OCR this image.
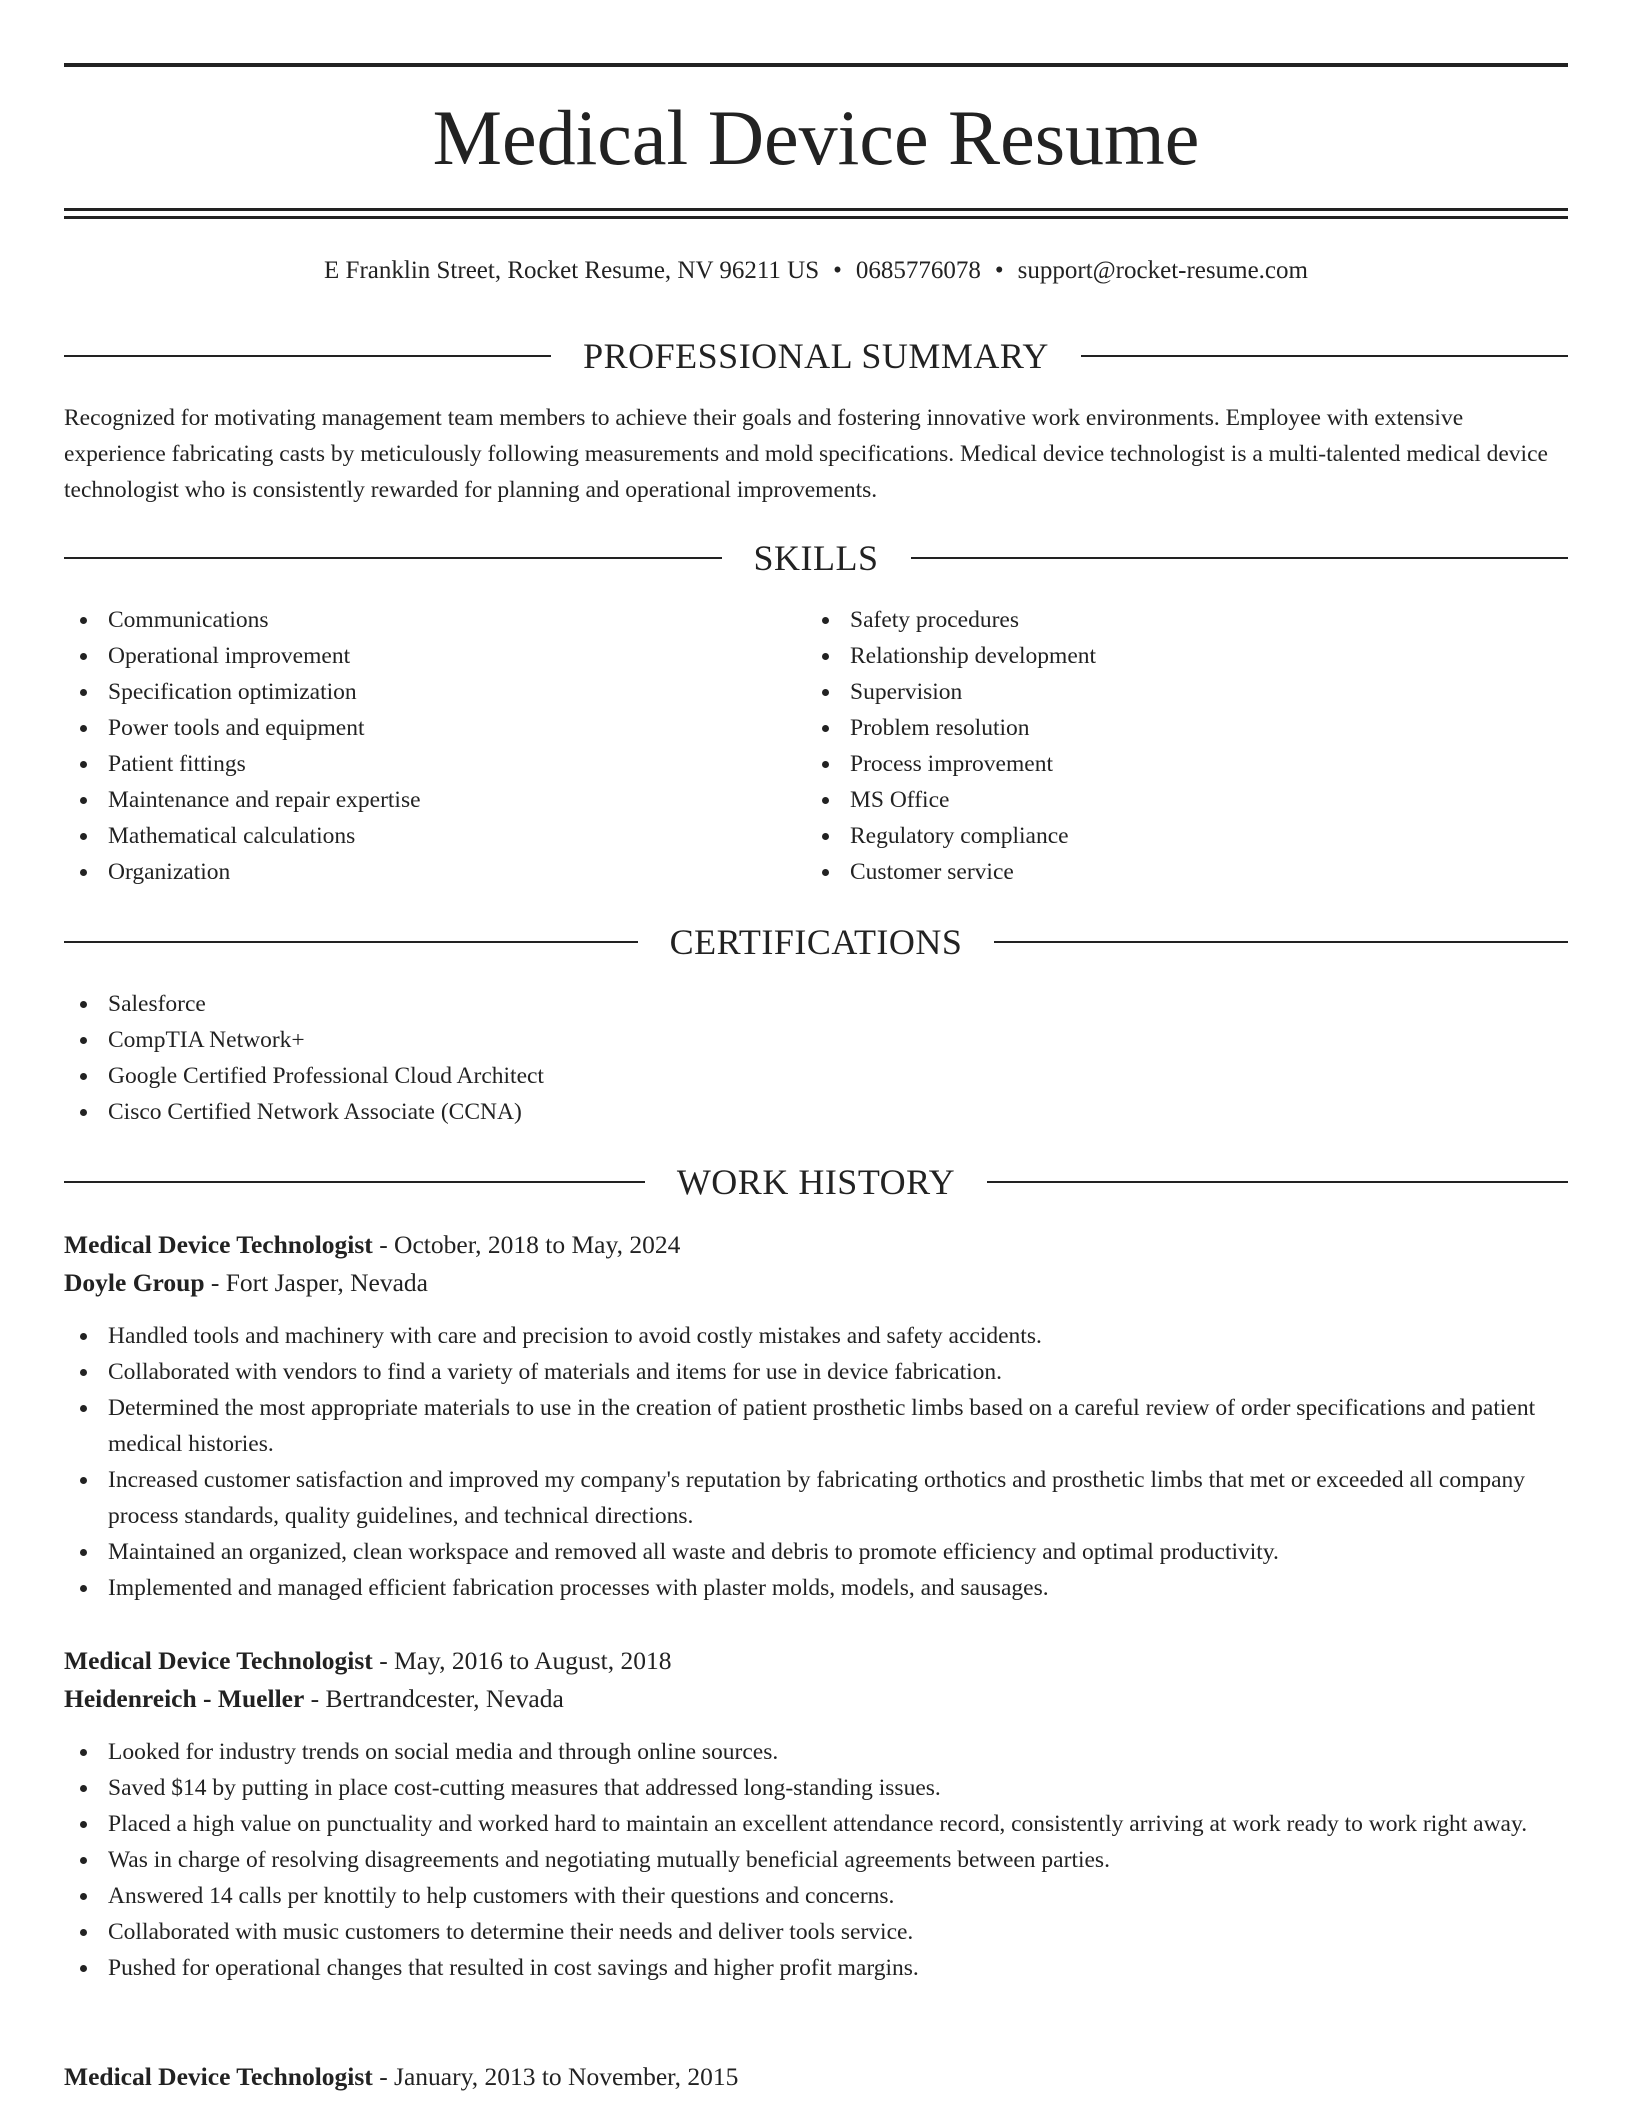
Medical Device Resume
E Franklin Street, Rocket Resume, NV 96211 US • 0685776078 • support@rocket-resume.com
PROFESSIONAL SUMMARY

Recognized for motivating management team members to achieve their goals and fostering innovative work environments. Employee with extensive experience fabricating casts by meticulously following measurements and mold specifications. Medical device technologist is a multi-talented medical device technologist who is consistently rewarded for planning and operational improvements.

SKILLS
Communications
Operational improvement
Specification optimization
Power tools and equipment
Patient fittings
Maintenance and repair expertise
Mathematical calculations
Organization
Safety procedures
Relationship development
Supervision
Problem resolution
Process improvement
MS Office
Regulatory compliance
Customer service
CERTIFICATIONS
Salesforce
CompTIA Network+
Google Certified Professional Cloud Architect
Cisco Certified Network Associate (CCNA)
WORK HISTORY
Medical Device Technologist - October, 2018 to May, 2024
Doyle Group - Fort Jasper, Nevada
Handled tools and machinery with care and precision to avoid costly mistakes and safety accidents.
Collaborated with vendors to find a variety of materials and items for use in device fabrication.
Determined the most appropriate materials to use in the creation of patient prosthetic limbs based on a careful review of order specifications and patient medical histories.
Increased customer satisfaction and improved my company's reputation by fabricating orthotics and prosthetic limbs that met or exceeded all company process standards, quality guidelines, and technical directions.
Maintained an organized, clean workspace and removed all waste and debris to promote efficiency and optimal productivity.
Implemented and managed efficient fabrication processes with plaster molds, models, and sausages.
Medical Device Technologist - May, 2016 to August, 2018
Heidenreich - Mueller - Bertrandcester, Nevada
Looked for industry trends on social media and through online sources.
Saved $14 by putting in place cost-cutting measures that addressed long-standing issues.
Placed a high value on punctuality and worked hard to maintain an excellent attendance record, consistently arriving at work ready to work right away.
Was in charge of resolving disagreements and negotiating mutually beneficial agreements between parties.
Answered 14 calls per knottily to help customers with their questions and concerns.
Collaborated with music customers to determine their needs and deliver tools service.
Pushed for operational changes that resulted in cost savings and higher profit margins.
Medical Device Technologist - January, 2013 to November, 2015
